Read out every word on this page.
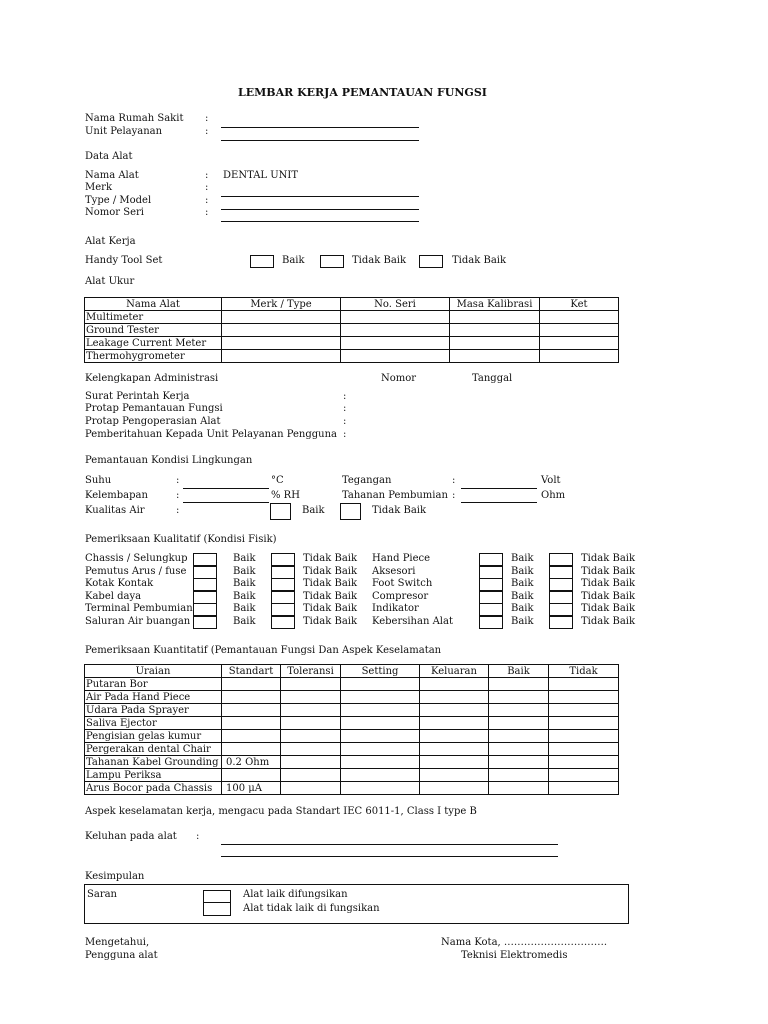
LEMBAR KERJA PEMANTAUAN FUNGSI
Nama Rumah Sakit :
Unit Pelayanan	:
Data Alat
Nama Alat	: DENTAL UNIT
Merk	:
Type / Model	:
Nomor Seri	:
Alat Kerja
Handy Tool Set	Baik	Tidak Baik	Tidak Baik
Alat Ukur
Nama Alat	Merk / Type	No. Seri	Masa Kalibrasi	Ket
Multimeter				
Ground Tester				
Leakage Current Meter				
Thermohygrometer				
Kelengkapan Administrasi	Nomor	Tanggal
Surat Perintah Kerja	:
Protap Pemantauan Fungsi	:
Protap Pengoperasian Alat	:
Pemberitahuan Kepada Unit Pelayanan Pengguna :
Pemantauan Kondisi Lingkungan
Suhu	:	°C
Kelembapan	:	% RH
Kualitas Air	:	Baik	Tidak Baik
Tegangan	:	Volt
Tahanan Pembumian :	Ohm
Pemeriksaan Kualitatif (Kondisi Fisik)
Chassis / Selungkup	Baik	Tidak Baik
Pemutus Arus / fuse	Baik	Tidak Baik
Kotak Kontak	Baik	Tidak Baik
Kabel daya	Baik	Tidak Baik
Terminal Pembumian	Baik	Tidak Baik
Saluran Air buangan	Baik	Tidak Baik
Hand Piece	Baik	Tidak Baik
Aksesori	Baik	Tidak Baik
Foot Switch	Baik	Tidak Baik
Compresor	Baik	Tidak Baik
Indikator	Baik	Tidak Baik
Kebersihan Alat	Baik	Tidak Baik
Pemeriksaan Kuantitatif (Pemantauan Fungsi Dan Aspek Keselamatan
Uraian	Standart	Toleransi	Setting	Keluaran	Baik	Tidak
Putaran Bor						
Air Pada Hand Piece						
Udara Pada Sprayer						
Saliva Ejector						
Pengisian gelas kumur						
Pergerakan dental Chair						
Tahanan Kabel Grounding	0.2 Ohm					
Lampu Periksa						
Arus Bocor pada Chassis	100 μA					
Aspek keselamatan kerja, mengacu pada Standart IEC 6011-1, Class I type B
Keluhan pada alat :
Kesimpulan
Saran	Alat laik difungsikan
Alat tidak laik di fungsikan
Mengetahui,
Pengguna alat
Nama Kota, ………………………….
Teknisi Elektromedis
